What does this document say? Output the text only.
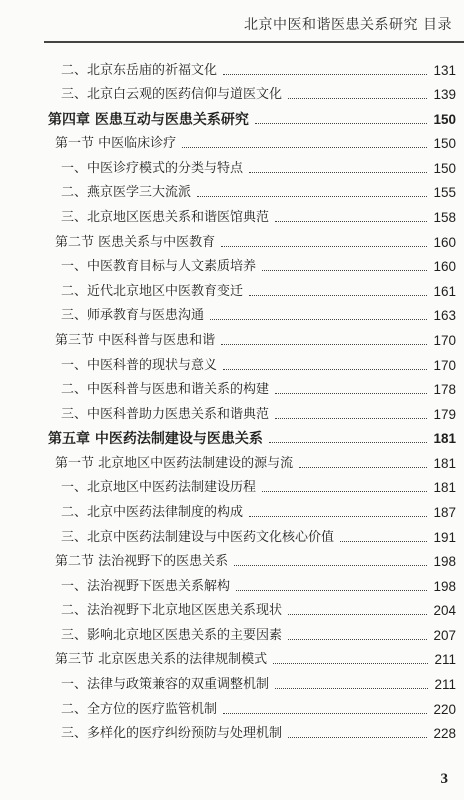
北京中医和谐医患关系研究 目录
二、北京东岳庙的祈福文化	131
三、北京白云观的医药信仰与道医文化	139
第四章 医患互动与医患关系研究	150
第一节 中医临床诊疗	150
一、中医诊疗模式的分类与特点	150
二、燕京医学三大流派	155
三、北京地区医患关系和谐医馆典范	158
第二节 医患关系与中医教育	160
一、中医教育目标与人文素质培养	160
二、近代北京地区中医教育变迁	161
三、师承教育与医患沟通	163
第三节 中医科普与医患和谐	170
一、中医科普的现状与意义	170
二、中医科普与医患和谐关系的构建	178
三、中医科普助力医患关系和谐典范	179
第五章 中医药法制建设与医患关系	181
第一节 北京地区中医药法制建设的源与流	181
一、北京地区中医药法制建设历程	181
二、北京中医药法律制度的构成	187
三、北京中医药法制建设与中医药文化核心价值	191
第二节 法治视野下的医患关系	198
一、法治视野下医患关系解构	198
二、法治视野下北京地区医患关系现状	204
三、影响北京地区医患关系的主要因素	207
第三节 北京医患关系的法律规制模式	211
一、法律与政策兼容的双重调整机制	211
二、全方位的医疗监管机制	220
三、多样化的医疗纠纷预防与处理机制	228
3
